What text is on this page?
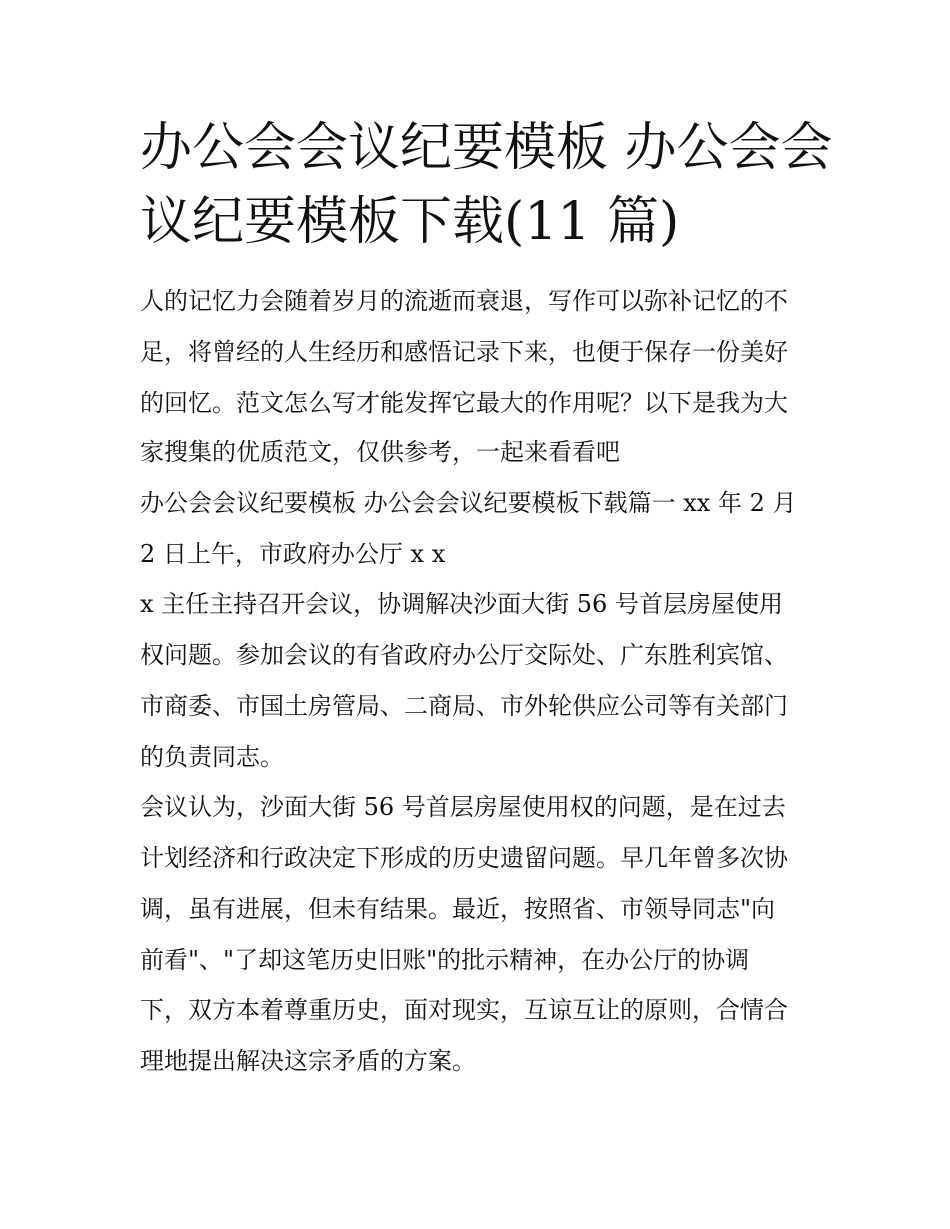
办公会会议纪要模板 办公会会
议纪要模板下载(11 篇)
人的记忆力会随着岁月的流逝而衰退，写作可以弥补记忆的不
足，将曾经的人生经历和感悟记录下来，也便于保存一份美好
的回忆。范文怎么写才能发挥它最大的作用呢？以下是我为大
家搜集的优质范文，仅供参考，一起来看看吧
办公会会议纪要模板 办公会会议纪要模板下载篇一 xx 年 2 月
2 日上午，市政府办公厅 x x
x 主任主持召开会议，协调解决沙面大街 56 号首层房屋使用
权问题。参加会议的有省政府办公厅交际处、广东胜利宾馆、
市商委、市国土房管局、二商局、市外轮供应公司等有关部门
的负责同志。
会议认为，沙面大街 56 号首层房屋使用权的问题，是在过去
计划经济和行政决定下形成的历史遗留问题。早几年曾多次协
调，虽有进展，但未有结果。最近，按照省、市领导同志"向
前看"、"了却这笔历史旧账"的批示精神，在办公厅的协调
下，双方本着尊重历史，面对现实，互谅互让的原则，合情合
理地提出解决这宗矛盾的方案。
